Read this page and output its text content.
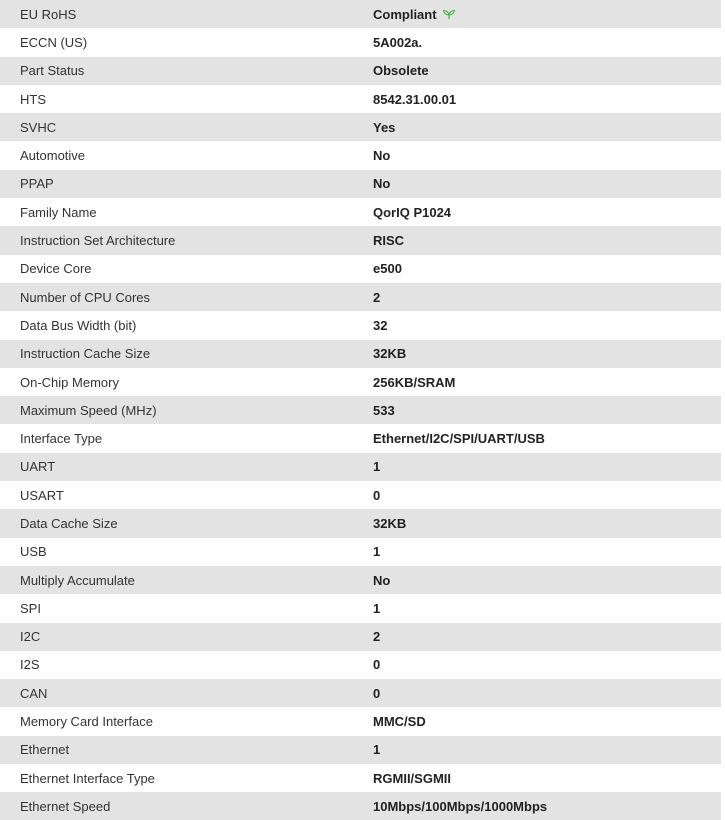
EU RoHS	Compliant
ECCN (US)	5A002a.
Part Status	Obsolete
HTS	8542.31.00.01
SVHC	Yes
Automotive	No
PPAP	No
Family Name	QorIQ P1024
Instruction Set Architecture	RISC
Device Core	e500
Number of CPU Cores	2
Data Bus Width (bit)	32
Instruction Cache Size	32KB
On-Chip Memory	256KB/SRAM
Maximum Speed (MHz)	533
Interface Type	Ethernet/I2C/SPI/UART/USB
UART	1
USART	0
Data Cache Size	32KB
USB	1
Multiply Accumulate	No
SPI	1
I2C	2
I2S	0
CAN	0
Memory Card Interface	MMC/SD
Ethernet	1
Ethernet Interface Type	RGMII/SGMII
Ethernet Speed	10Mbps/100Mbps/1000Mbps
